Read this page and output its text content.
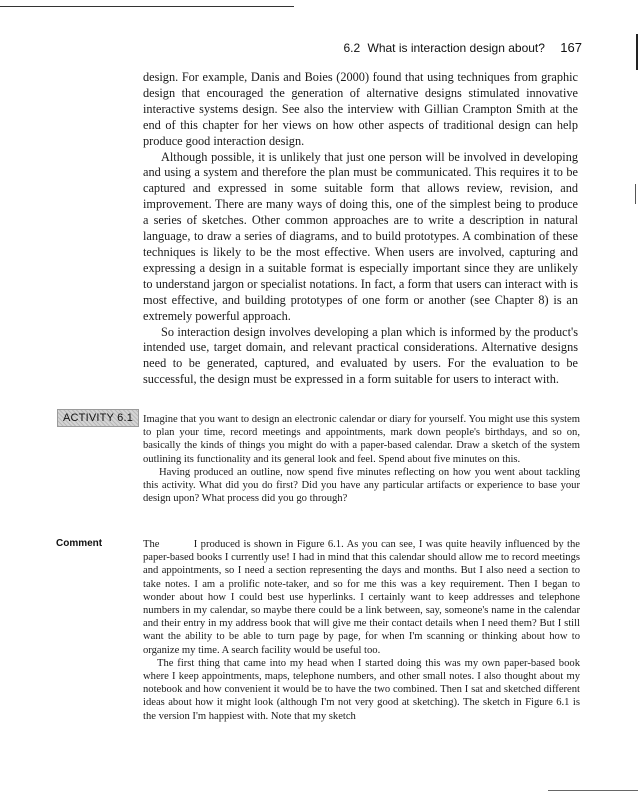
6.2 What is interaction design about? 167

design. For example, Danis and Boies (2000) found that using techniques from graphic design that encouraged the generation of alternative designs stimulated innovative interactive systems design. See also the interview with Gillian Crampton Smith at the end of this chapter for her views on how other aspects of traditional design can help produce good interaction design.

Although possible, it is unlikely that just one person will be involved in developing and using a system and therefore the plan must be communicated. This requires it to be captured and expressed in some suitable form that allows review, revision, and improvement. There are many ways of doing this, one of the simplest being to produce a series of sketches. Other common approaches are to write a description in natural language, to draw a series of diagrams, and to build prototypes. A combination of these techniques is likely to be the most effective. When users are involved, capturing and expressing a design in a suitable format is especially important since they are unlikely to understand jargon or specialist notations. In fact, a form that users can interact with is most effective, and building prototypes of one form or another (see Chapter 8) is an extremely powerful approach.

So interaction design involves developing a plan which is informed by the product's intended use, target domain, and relevant practical considerations. Alternative designs need to be generated, captured, and evaluated by users. For the evaluation to be successful, the design must be expressed in a form suitable for users to interact with.

ACTIVITY 6.1 Imagine that you want to design an electronic calendar or diary for yourself. You might use this system to plan your time, record meetings and appointments, mark down people's birthdays, and so on, basically the kinds of things you might do with a paper-based calendar. Draw a sketch of the system outlining its functionality and its general look and feel. Spend about five minutes on this.

Having produced an outline, now spend five minutes reflecting on how you went about tackling this activity. What did you do first? Did you have any particular artifacts or experience to base your design upon? What process did you go through?

Comment	The          I produced is shown in Figure 6.1. As you can see, I was quite heavily influenced by the paper-based books I currently use! I had in mind that this calendar should allow me to record meetings and appointments, so I need a section representing the days and months. But I also need a section to take notes. I am a prolific note-taker, and so for me this was a key requirement. Then I began to wonder about how I could best use hyperlinks. I certainly want to keep addresses and telephone numbers in my calendar, so maybe there could be a link between, say, someone's name in the calendar and their entry in my address book that will give me their contact details when I need them? But I still want the ability to be able to turn page by page, for when I'm scanning or thinking about how to organize my time. A search facility would be useful too.

The first thing that came into my head when I started doing this was my own paper-based book where I keep appointments, maps, telephone numbers, and other small notes. I also thought about my notebook and how convenient it would be to have the two combined. Then I sat and sketched different ideas about how it might look (although I'm not very good at sketching). The sketch in Figure 6.1 is the version I'm happiest with. Note that my sketch
